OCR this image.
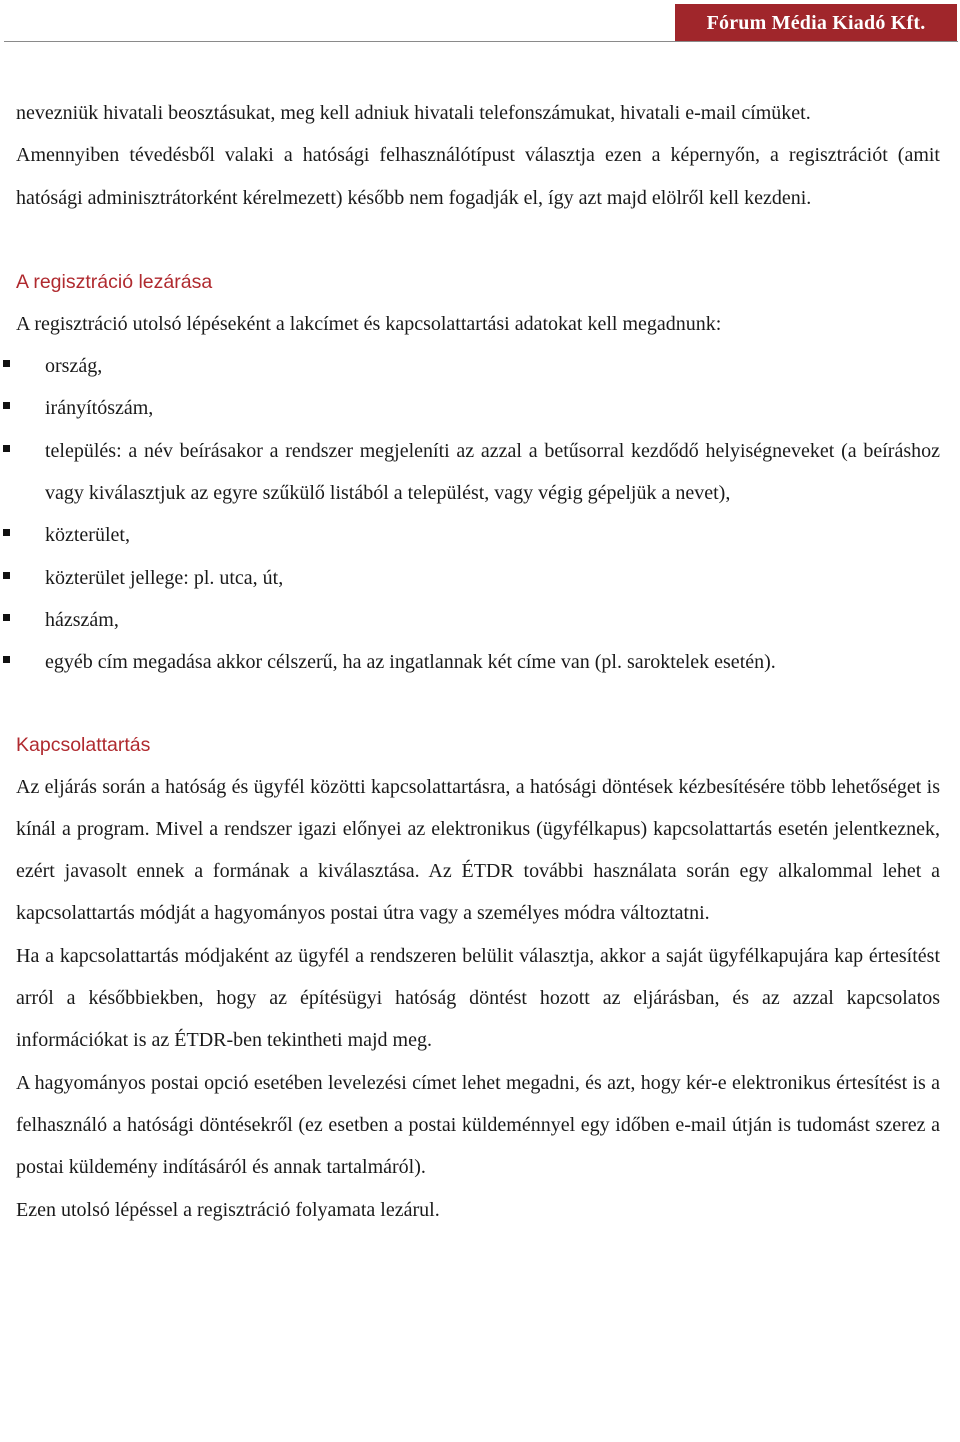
Fórum Média Kiadó Kft.

nevezniük hivatali beosztásukat, meg kell adniuk hivatali telefonszámukat, hivatali e-mail címüket.

Amennyiben tévedésből valaki a hatósági felhasználótípust választja ezen a képernyőn, a regisztrációt (amit hatósági adminisztrátorként kérelmezett) később nem fogadják el, így azt majd elölről kell kezdeni.

A regisztráció lezárása

A regisztráció utolsó lépéseként a lakcímet és kapcsolattartási adatokat kell megadnunk:

ország,
irányítószám,
település: a név beírásakor a rendszer megjeleníti az azzal a betűsorral kezdődő helyiségneveket (a beíráshoz vagy kiválasztjuk az egyre szűkülő listából a települést, vagy végig gépeljük a nevet),
közterület,
közterület jellege: pl. utca, út,
házszám,
egyéb cím megadása akkor célszerű, ha az ingatlannak két címe van (pl. saroktelek esetén).
Kapcsolattartás

Az eljárás során a hatóság és ügyfél közötti kapcsolattartásra, a hatósági döntések kézbesítésére több lehetőséget is kínál a program. Mivel a rendszer igazi előnyei az elektronikus (ügyfélkapus) kapcsolattartás esetén jelentkeznek, ezért javasolt ennek a formának a kiválasztása. Az ÉTDR további használata során egy alkalommal lehet a kapcsolattartás módját a hagyományos postai útra vagy a személyes módra változtatni.

Ha a kapcsolattartás módjaként az ügyfél a rendszeren belülit választja, akkor a saját ügyfélkapujára kap értesítést arról a későbbiekben, hogy az építésügyi hatóság döntést hozott az eljárásban, és az azzal kapcsolatos információkat is az ÉTDR-ben tekintheti majd meg.

A hagyományos postai opció esetében levelezési címet lehet megadni, és azt, hogy kér-e elektronikus értesítést is a felhasználó a hatósági döntésekről (ez esetben a postai küldeménnyel egy időben e-mail útján is tudomást szerez a postai küldemény indításáról és annak tartalmáról).

Ezen utolsó lépéssel a regisztráció folyamata lezárul.
